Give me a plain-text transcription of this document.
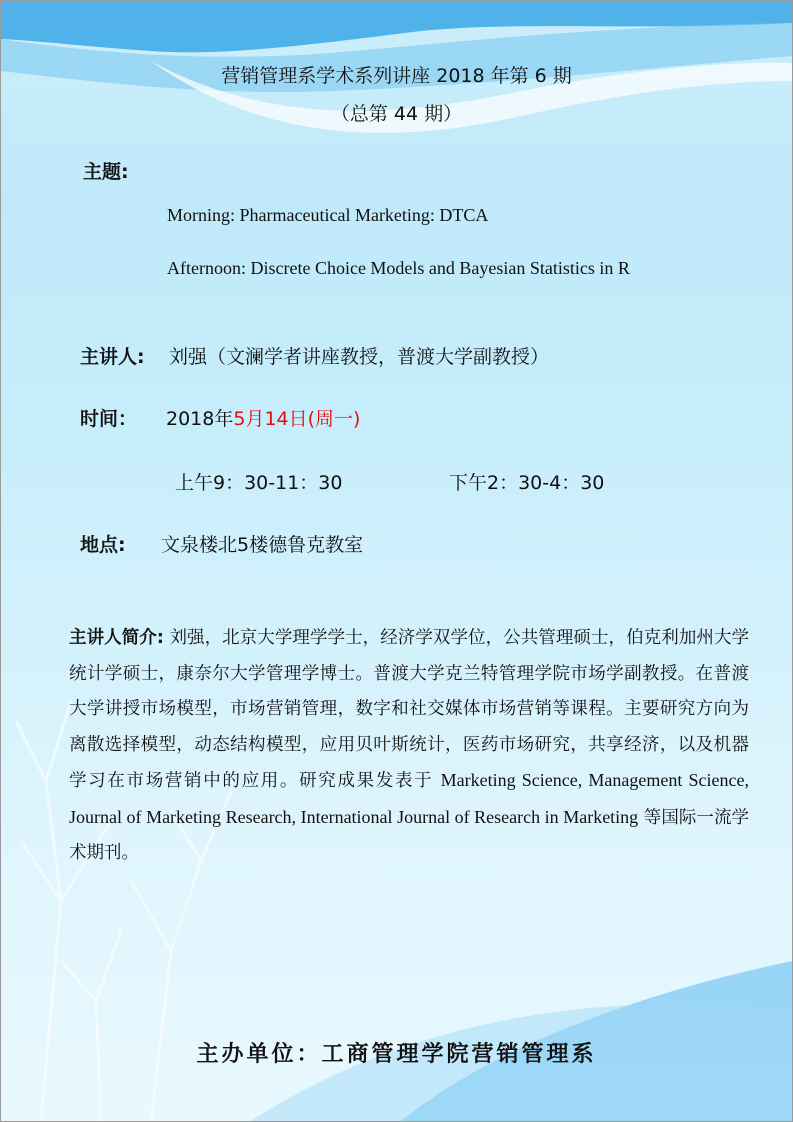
营销管理系学术系列讲座 2018 年第 6 期
（总第 44 期）
主题:
Morning: Pharmaceutical Marketing: DTCA
Afternoon: Discrete Choice Models and Bayesian Statistics in R
主讲人: 刘强（文澜学者讲座教授，普渡大学副教授）
时间： 2018年5月14日(周一)
上午9：30-11：30	下午2：30-4：30
地点: 文泉楼北5楼德鲁克教室
主讲人简介: 刘强，北京大学理学学士，经济学双学位，公共管理硕士，伯克利加州大学统计学硕士，康奈尔大学管理学博士。普渡大学克兰特管理学院市场学副教授。在普渡大学讲授市场模型，市场营销管理，数字和社交媒体市场营销等课程。主要研究方向为离散选择模型，动态结构模型，应用贝叶斯统计，医药市场研究，共享经济，以及机器学习在市场营销中的应用。研究成果发表于 Marketing Science, Management Science, Journal of Marketing Research, International Journal of Research in Marketing 等国际一流学术期刊。
主办单位：工商管理学院营销管理系
